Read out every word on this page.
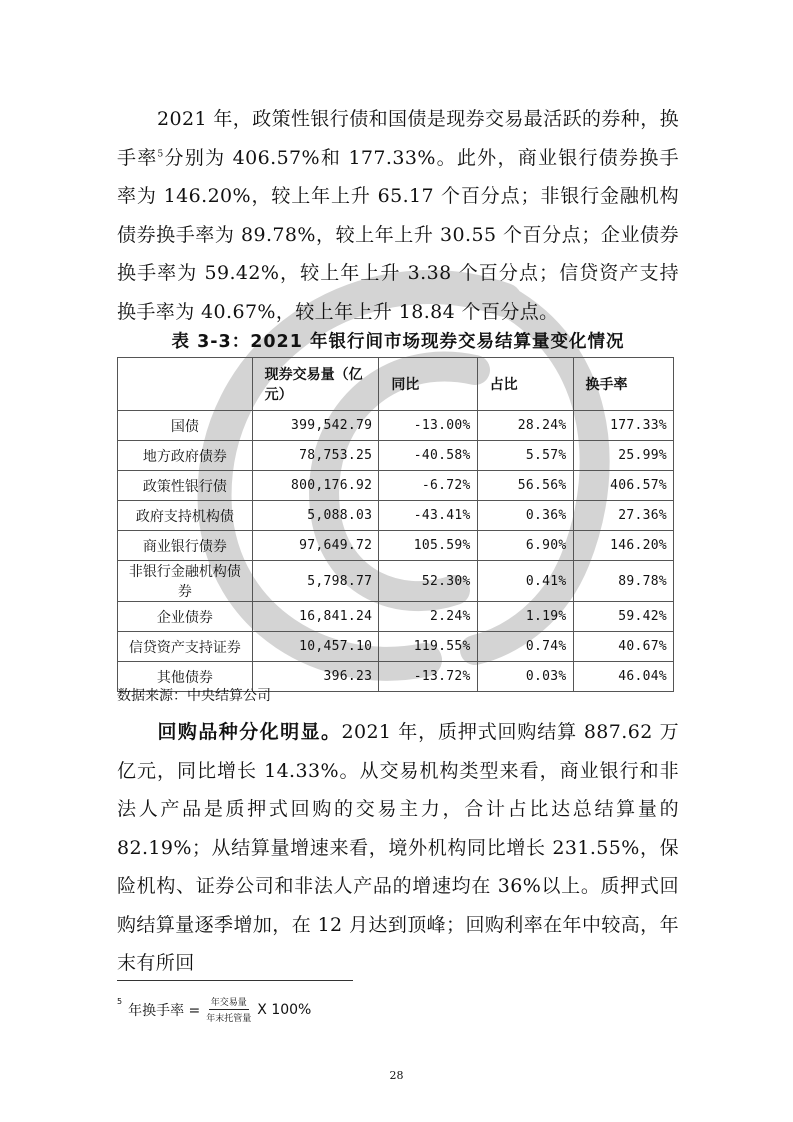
2021 年，政策性银行债和国债是现券交易最活跃的券种，换手率$^5$分别为 406.57%和 177.33%。此外，商业银行债券换手率为 146.20%，较上年上升 65.17 个百分点；非银行金融机构债券换手率为 89.78%，较上年上升 30.55 个百分点；企业债券换手率为 59.42%，较上年上升 3.38 个百分点；信贷资产支持换手率为 40.67%，较上年上升 18.84 个百分点。

表 3-3：2021 年银行间市场现券交易结算量变化情况
	现券交易量（亿元）	同比	占比	换手率
国债	399,542.79	-13.00%	28.24%	177.33%
地方政府债券	78,753.25	-40.58%	5.57%	25.99%
政策性银行债	800,176.92	-6.72%	56.56%	406.57%
政府支持机构债	5,088.03	-43.41%	0.36%	27.36%
商业银行债券	97,649.72	105.59%	6.90%	146.20%
非银行金融机构债券	5,798.77	52.30%	0.41%	89.78%
企业债券	16,841.24	2.24%	1.19%	59.42%
信贷资产支持证券	10,457.10	119.55%	0.74%	40.67%
其他债券	396.23	-13.72%	0.03%	46.04%
数据来源：中央结算公司

回购品种分化明显。2021 年，质押式回购结算 887.62 万亿元，同比增长 14.33%。从交易机构类型来看，商业银行和非法人产品是质押式回购的交易主力，合计占比达总结算量的 82.19%；从结算量增速来看，境外机构同比增长 231.55%，保险机构、证券公司和非法人产品的增速均在 36%以上。质押式回购结算量逐季增加，在 12 月达到顶峰；回购利率在年中较高，年末有所回

5
年换手率 = $\frac{\text{年交易量}}{\text{年末托管量}}$ X 100%
28
